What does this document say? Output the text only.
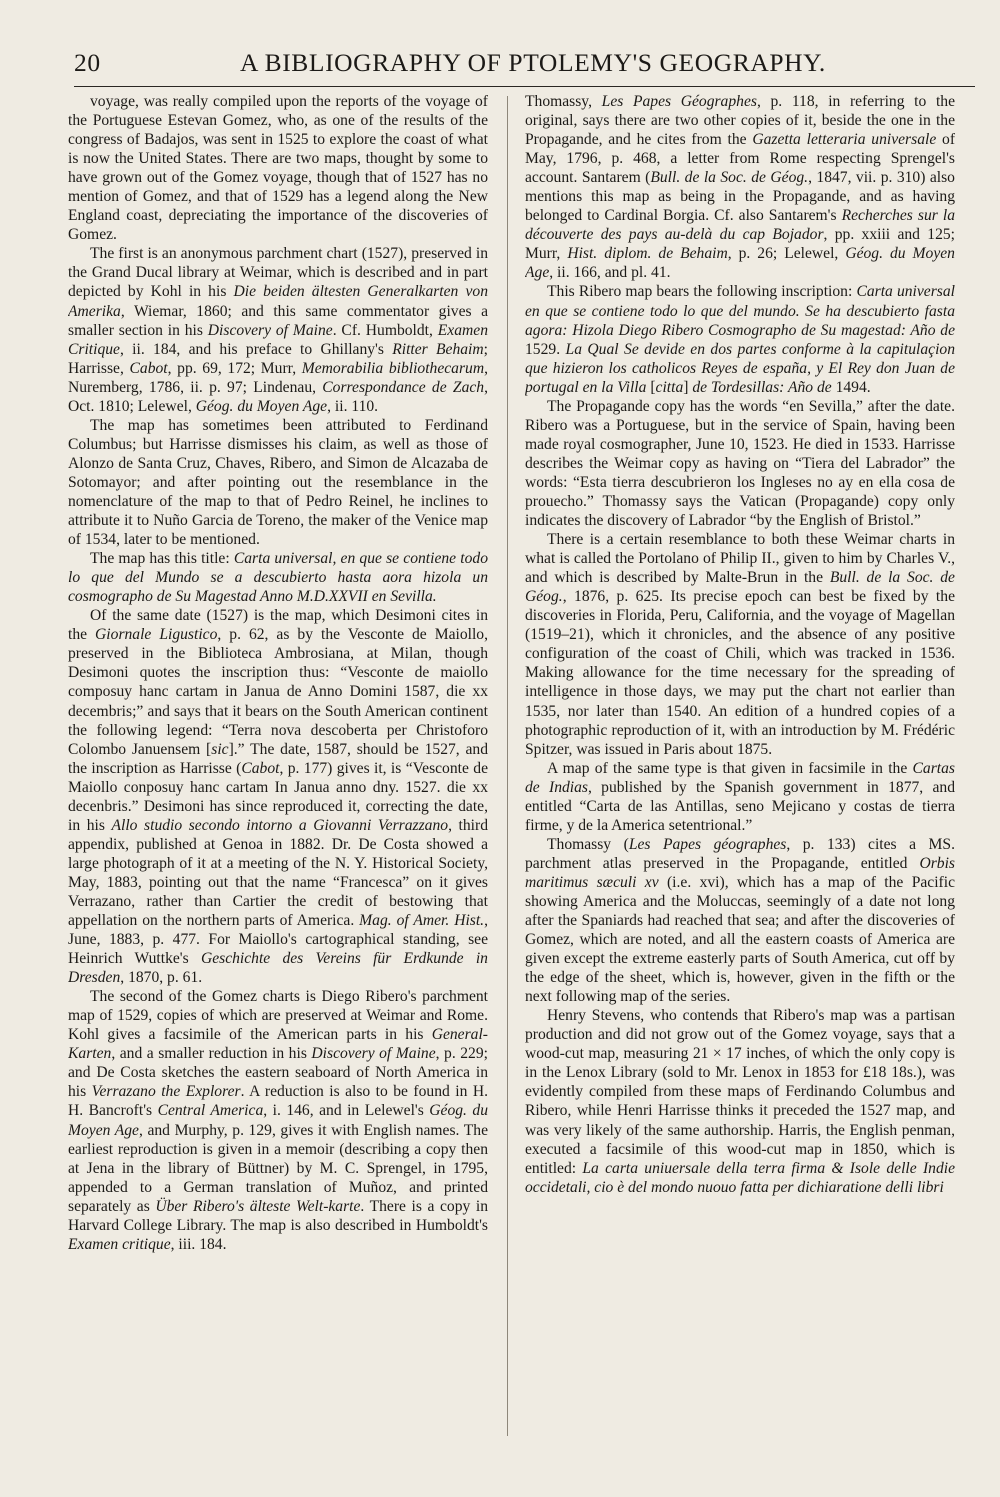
20	A BIBLIOGRAPHY OF PTOLEMY'S GEOGRAPHY.

voyage, was really compiled upon the reports of the voyage of the Portuguese Estevan Gomez, who, as one of the results of the congress of Badajos, was sent in 1525 to explore the coast of what is now the United States. There are two maps, thought by some to have grown out of the Gomez voyage, though that of 1527 has no mention of Gomez, and that of 1529 has a legend along the New England coast, depreciating the importance of the discoveries of Gomez.

The first is an anonymous parchment chart (1527), preserved in the Grand Ducal library at Weimar, which is described and in part depicted by Kohl in his Die beiden ältesten Generalkarten von Amerika, Wiemar, 1860; and this same commentator gives a smaller section in his Discovery of Maine. Cf. Humboldt, Examen Critique, ii. 184, and his preface to Ghillany's Ritter Behaim; Harrisse, Cabot, pp. 69, 172; Murr, Memorabilia bibliothecarum, Nuremberg, 1786, ii. p. 97; Lindenau, Correspondance de Zach, Oct. 1810; Lelewel, Géog. du Moyen Age, ii. 110.

The map has sometimes been attributed to Ferdinand Columbus; but Harrisse dismisses his claim, as well as those of Alonzo de Santa Cruz, Chaves, Ribero, and Simon de Alcazaba de Sotomayor; and after pointing out the resemblance in the nomenclature of the map to that of Pedro Reinel, he inclines to attribute it to Nuño Garcia de Toreno, the maker of the Venice map of 1534, later to be mentioned.

The map has this title: Carta universal, en que se contiene todo lo que del Mundo se a descubierto hasta aora hizola un cosmographo de Su Magestad Anno M.D.XXVII en Sevilla.

Of the same date (1527) is the map, which Desimoni cites in the Giornale Ligustico, p. 62, as by the Vesconte de Maiollo, preserved in the Biblioteca Ambrosiana, at Milan, though Desimoni quotes the inscription thus: “Vesconte de maiollo composuy hanc cartam in Janua de Anno Domini 1587, die xx decembris;” and says that it bears on the South American continent the following legend: “Terra nova descoberta per Christoforo Colombo Januensem [sic].” The date, 1587, should be 1527, and the inscription as Harrisse (Cabot, p. 177) gives it, is “Vesconte de Maiollo conposuy hanc cartam In Janua anno dny. 1527. die xx decenbris.” Desimoni has since reproduced it, correcting the date, in his Allo studio secondo intorno a Giovanni Verrazzano, third appendix, published at Genoa in 1882. Dr. De Costa showed a large photograph of it at a meeting of the N. Y. Historical Society, May, 1883, pointing out that the name “Francesca” on it gives Verrazano, rather than Cartier the credit of bestowing that appellation on the northern parts of America. Mag. of Amer. Hist., June, 1883, p. 477. For Maiollo's cartographical standing, see Heinrich Wuttke's Geschichte des Vereins für Erdkunde in Dresden, 1870, p. 61.

The second of the Gomez charts is Diego Ribero's parchment map of 1529, copies of which are preserved at Weimar and Rome. Kohl gives a facsimile of the American parts in his General-Karten, and a smaller reduction in his Discovery of Maine, p. 229; and De Costa sketches the eastern seaboard of North America in his Verrazano the Explorer. A reduction is also to be found in H. H. Bancroft's Central America, i. 146, and in Lelewel's Géog. du Moyen Age, and Murphy, p. 129, gives it with English names. The earliest reproduction is given in a memoir (describing a copy then at Jena in the library of Büttner) by M. C. Sprengel, in 1795, appended to a German translation of Muñoz, and printed separately as Über Ribero's älteste Welt-karte. There is a copy in Harvard College Library. The map is also described in Humboldt's Examen critique, iii. 184.

Thomassy, Les Papes Géographes, p. 118, in referring to the original, says there are two other copies of it, beside the one in the Propagande, and he cites from the Gazetta letteraria universale of May, 1796, p. 468, a letter from Rome respecting Sprengel's account. Santarem (Bull. de la Soc. de Géog., 1847, vii. p. 310) also mentions this map as being in the Propagande, and as having belonged to Cardinal Borgia. Cf. also Santarem's Recherches sur la découverte des pays au-delà du cap Bojador, pp. xxiii and 125; Murr, Hist. diplom. de Behaim, p. 26; Lelewel, Géog. du Moyen Age, ii. 166, and pl. 41.

This Ribero map bears the following inscription: Carta universal en que se contiene todo lo que del mundo. Se ha descubierto fasta agora: Hizola Diego Ribero Cosmographo de Su magestad: Año de 1529. La Qual Se devide en dos partes conforme à la capitulaçion que hizieron los catholicos Reyes de españa, y El Rey don Juan de portugal en la Villa [citta] de Tordesillas: Año de 1494.

The Propagande copy has the words “en Sevilla,” after the date. Ribero was a Portuguese, but in the service of Spain, having been made royal cosmographer, June 10, 1523. He died in 1533. Harrisse describes the Weimar copy as having on “Tiera del Labrador” the words: “Esta tierra descubrieron los Ingleses no ay en ella cosa de prouecho.” Thomassy says the Vatican (Propagande) copy only indicates the discovery of Labrador “by the English of Bristol.”

There is a certain resemblance to both these Weimar charts in what is called the Portolano of Philip II., given to him by Charles V., and which is described by Malte-Brun in the Bull. de la Soc. de Géog., 1876, p. 625. Its precise epoch can best be fixed by the discoveries in Florida, Peru, California, and the voyage of Magellan (1519–21), which it chronicles, and the absence of any positive configuration of the coast of Chili, which was tracked in 1536. Making allowance for the time necessary for the spreading of intelligence in those days, we may put the chart not earlier than 1535, nor later than 1540. An edition of a hundred copies of a photographic reproduction of it, with an introduction by M. Frédéric Spitzer, was issued in Paris about 1875.

A map of the same type is that given in facsimile in the Cartas de Indias, published by the Spanish government in 1877, and entitled “Carta de las Antillas, seno Mejicano y costas de tierra firme, y de la America setentrional.”

Thomassy (Les Papes géographes, p. 133) cites a MS. parchment atlas preserved in the Propagande, entitled Orbis maritimus sæculi xv (i.e. xvi), which has a map of the Pacific showing America and the Moluccas, seemingly of a date not long after the Spaniards had reached that sea; and after the discoveries of Gomez, which are noted, and all the eastern coasts of America are given except the extreme easterly parts of South America, cut off by the edge of the sheet, which is, however, given in the fifth or the next following map of the series.

Henry Stevens, who contends that Ribero's map was a partisan production and did not grow out of the Gomez voyage, says that a wood-cut map, measuring 21 × 17 inches, of which the only copy is in the Lenox Library (sold to Mr. Lenox in 1853 for £18 18s.), was evidently compiled from these maps of Ferdinando Columbus and Ribero, while Henri Harrisse thinks it preceded the 1527 map, and was very likely of the same authorship. Harris, the English penman, executed a facsimile of this wood-cut map in 1850, which is entitled: La carta uniuersale della terra firma & Isole delle Indie occidetali, cio è del mondo nuouo fatta per dichiaratione delli libri
